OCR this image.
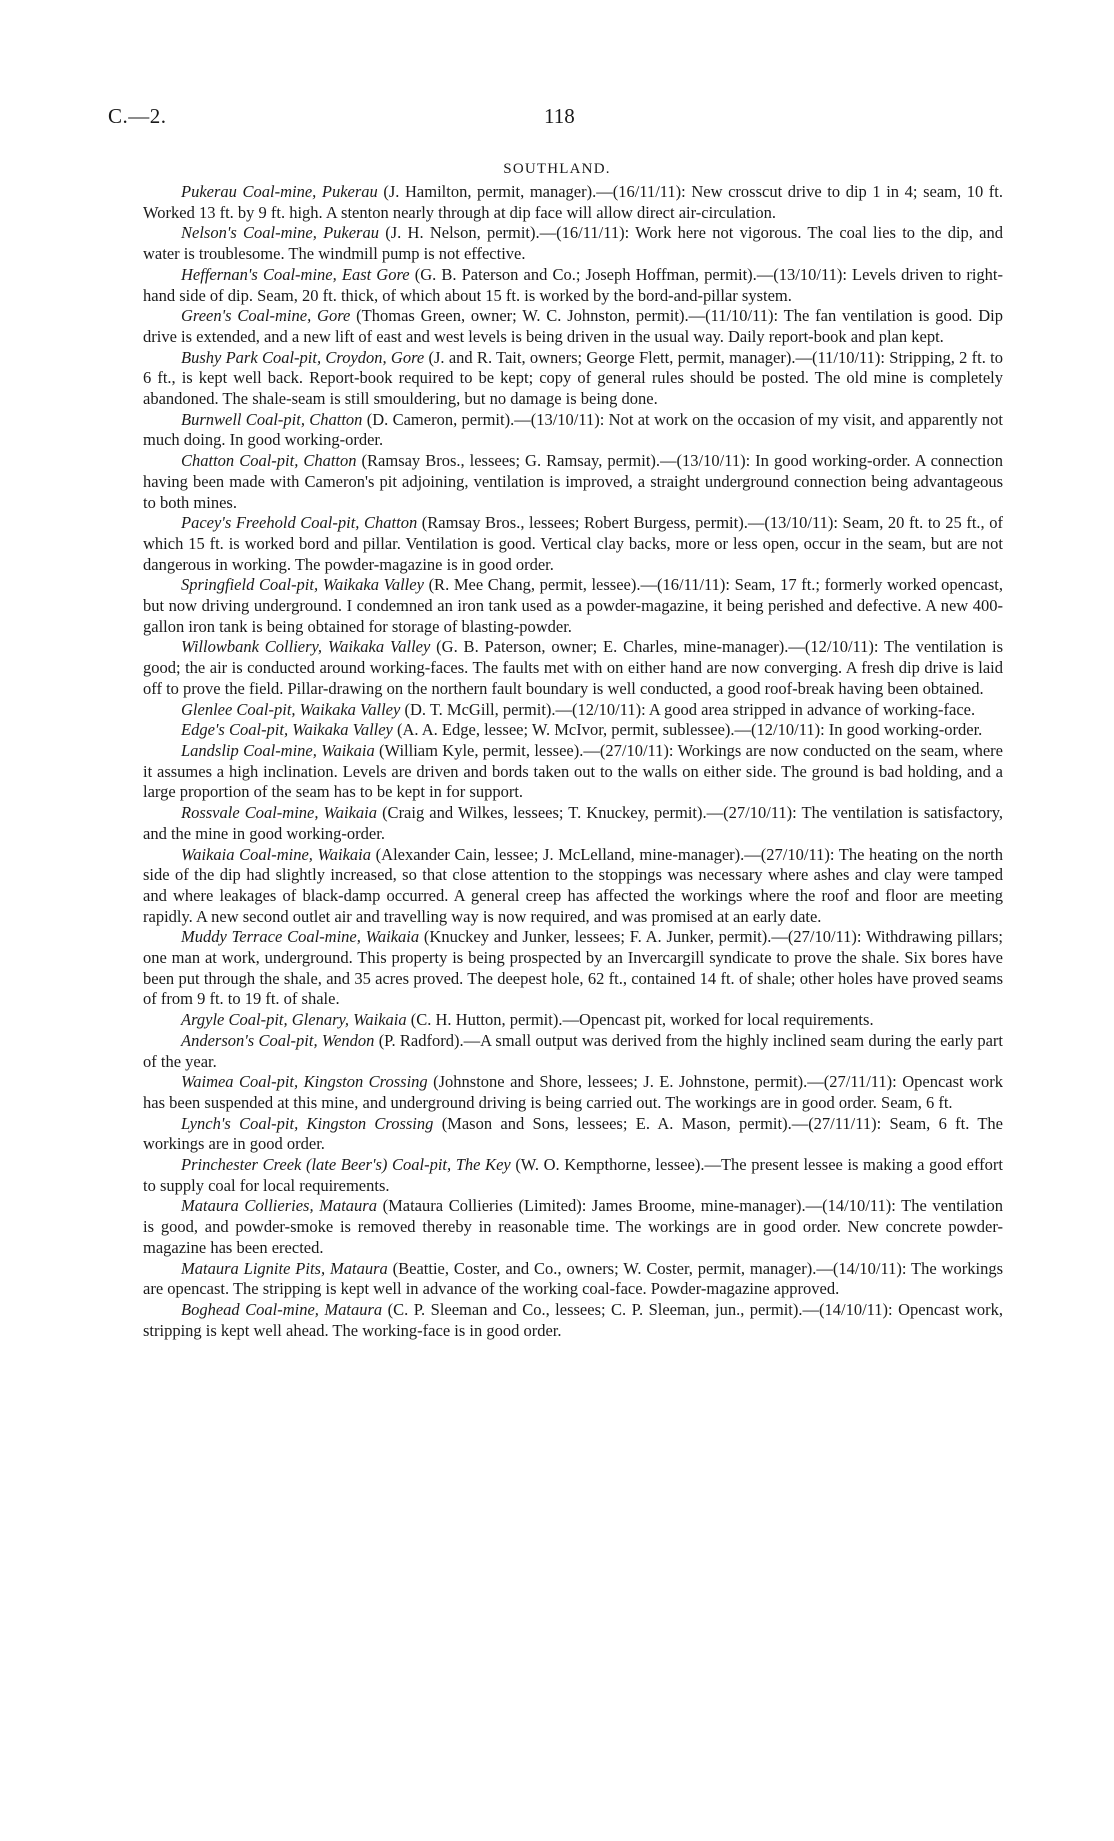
C.—2.	118
SOUTHLAND.

Pukerau Coal-mine, Pukerau (J. Hamilton, permit, manager).—(16/11/11): New crosscut drive to dip 1 in 4; seam, 10 ft. Worked 13 ft. by 9 ft. high. A stenton nearly through at dip face will allow direct air-circulation.

Nelson's Coal-mine, Pukerau (J. H. Nelson, permit).—(16/11/11): Work here not vigorous. The coal lies to the dip, and water is troublesome. The windmill pump is not effective.

Heffernan's Coal-mine, East Gore (G. B. Paterson and Co.; Joseph Hoffman, permit).—(13/10/11): Levels driven to right-hand side of dip. Seam, 20 ft. thick, of which about 15 ft. is worked by the bord-and-pillar system.

Green's Coal-mine, Gore (Thomas Green, owner; W. C. Johnston, permit).—(11/10/11): The fan ventilation is good. Dip drive is extended, and a new lift of east and west levels is being driven in the usual way. Daily report-book and plan kept.

Bushy Park Coal-pit, Croydon, Gore (J. and R. Tait, owners; George Flett, permit, manager).—(11/10/11): Stripping, 2 ft. to 6 ft., is kept well back. Report-book required to be kept; copy of general rules should be posted. The old mine is completely abandoned. The shale-seam is still smouldering, but no damage is being done.

Burnwell Coal-pit, Chatton (D. Cameron, permit).—(13/10/11): Not at work on the occasion of my visit, and apparently not much doing. In good working-order.

Chatton Coal-pit, Chatton (Ramsay Bros., lessees; G. Ramsay, permit).—(13/10/11): In good working-order. A connection having been made with Cameron's pit adjoining, ventilation is improved, a straight underground connection being advantageous to both mines.

Pacey's Freehold Coal-pit, Chatton (Ramsay Bros., lessees; Robert Burgess, permit).—(13/10/11): Seam, 20 ft. to 25 ft., of which 15 ft. is worked bord and pillar. Ventilation is good. Vertical clay backs, more or less open, occur in the seam, but are not dangerous in working. The powder-magazine is in good order.

Springfield Coal-pit, Waikaka Valley (R. Mee Chang, permit, lessee).—(16/11/11): Seam, 17 ft.; formerly worked opencast, but now driving underground. I condemned an iron tank used as a powder-magazine, it being perished and defective. A new 400-gallon iron tank is being obtained for storage of blasting-powder.

Willowbank Colliery, Waikaka Valley (G. B. Paterson, owner; E. Charles, mine-manager).—(12/10/11): The ventilation is good; the air is conducted around working-faces. The faults met with on either hand are now converging. A fresh dip drive is laid off to prove the field. Pillar-drawing on the northern fault boundary is well conducted, a good roof-break having been obtained.

Glenlee Coal-pit, Waikaka Valley (D. T. McGill, permit).—(12/10/11): A good area stripped in advance of working-face.

Edge's Coal-pit, Waikaka Valley (A. A. Edge, lessee; W. McIvor, permit, sublessee).—(12/10/11): In good working-order.

Landslip Coal-mine, Waikaia (William Kyle, permit, lessee).—(27/10/11): Workings are now conducted on the seam, where it assumes a high inclination. Levels are driven and bords taken out to the walls on either side. The ground is bad holding, and a large proportion of the seam has to be kept in for support.

Rossvale Coal-mine, Waikaia (Craig and Wilkes, lessees; T. Knuckey, permit).—(27/10/11): The ventilation is satisfactory, and the mine in good working-order.

Waikaia Coal-mine, Waikaia (Alexander Cain, lessee; J. McLelland, mine-manager).—(27/10/11): The heating on the north side of the dip had slightly increased, so that close attention to the stoppings was necessary where ashes and clay were tamped and where leakages of black-damp occurred. A general creep has affected the workings where the roof and floor are meeting rapidly. A new second outlet air and travelling way is now required, and was promised at an early date.

Muddy Terrace Coal-mine, Waikaia (Knuckey and Junker, lessees; F. A. Junker, permit).—(27/10/11): Withdrawing pillars; one man at work, underground. This property is being prospected by an Invercargill syndicate to prove the shale. Six bores have been put through the shale, and 35 acres proved. The deepest hole, 62 ft., contained 14 ft. of shale; other holes have proved seams of from 9 ft. to 19 ft. of shale.

Argyle Coal-pit, Glenary, Waikaia (C. H. Hutton, permit).—Opencast pit, worked for local requirements.

Anderson's Coal-pit, Wendon (P. Radford).—A small output was derived from the highly inclined seam during the early part of the year.

Waimea Coal-pit, Kingston Crossing (Johnstone and Shore, lessees; J. E. Johnstone, permit).—(27/11/11): Opencast work has been suspended at this mine, and underground driving is being carried out. The workings are in good order. Seam, 6 ft.

Lynch's Coal-pit, Kingston Crossing (Mason and Sons, lessees; E. A. Mason, permit).—(27/11/11): Seam, 6 ft. The workings are in good order.

Princhester Creek (late Beer's) Coal-pit, The Key (W. O. Kempthorne, lessee).—The present lessee is making a good effort to supply coal for local requirements.

Mataura Collieries, Mataura (Mataura Collieries (Limited): James Broome, mine-manager).—(14/10/11): The ventilation is good, and powder-smoke is removed thereby in reasonable time. The workings are in good order. New concrete powder-magazine has been erected.

Mataura Lignite Pits, Mataura (Beattie, Coster, and Co., owners; W. Coster, permit, manager).—(14/10/11): The workings are opencast. The stripping is kept well in advance of the working coal-face. Powder-magazine approved.

Boghead Coal-mine, Mataura (C. P. Sleeman and Co., lessees; C. P. Sleeman, jun., permit).—(14/10/11): Opencast work, stripping is kept well ahead. The working-face is in good order.
